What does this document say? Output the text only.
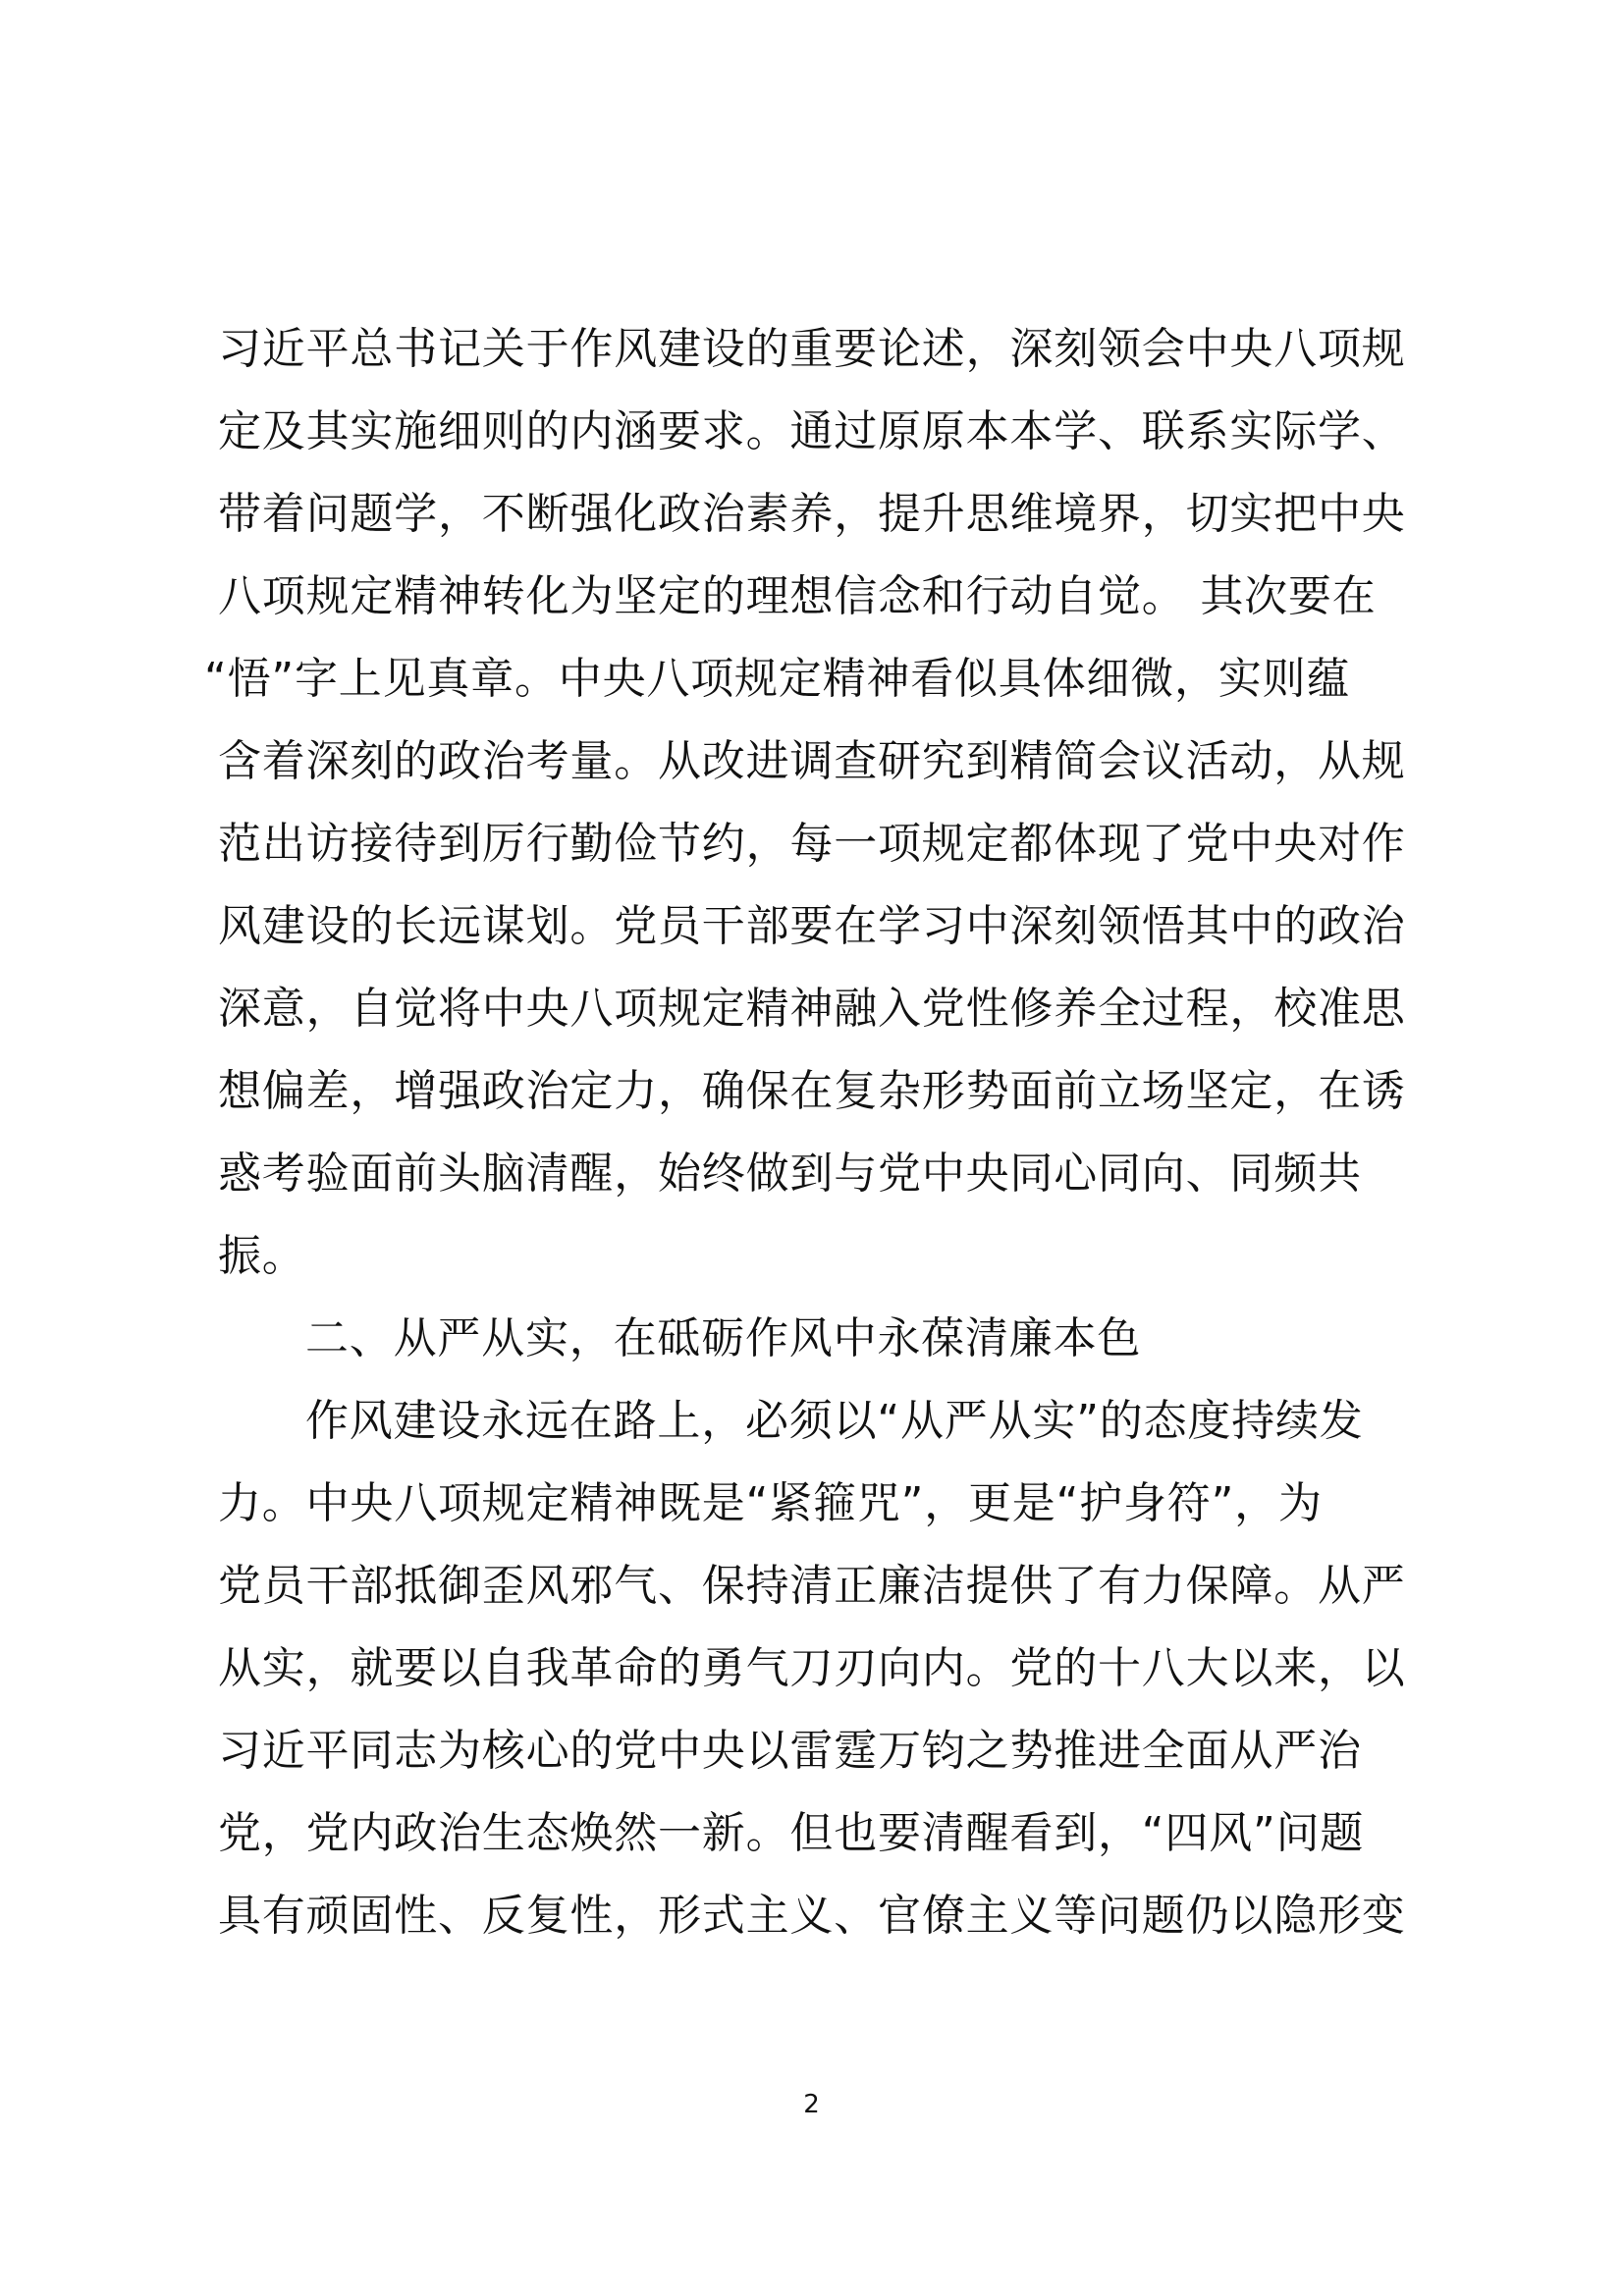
习近平总书记关于作风建设的重要论述，深刻领会中央八项规
定及其实施细则的内涵要求。通过原原本本学、联系实际学、
带着问题学，不断强化政治素养，提升思维境界，切实把中央
八项规定精神转化为坚定的理想信念和行动自觉。 其次要在
“悟”字上见真章。中央八项规定精神看似具体细微，实则蕴
含着深刻的政治考量。从改进调查研究到精简会议活动，从规
范出访接待到厉行勤俭节约，每一项规定都体现了党中央对作
风建设的长远谋划。党员干部要在学习中深刻领悟其中的政治
深意，自觉将中央八项规定精神融入党性修养全过程，校准思
想偏差，增强政治定力，确保在复杂形势面前立场坚定，在诱
惑考验面前头脑清醒，始终做到与党中央同心同向、同频共
振。
二、从严从实，在砥砺作风中永葆清廉本色
作风建设永远在路上，必须以“从严从实”的态度持续发
力。中央八项规定精神既是“紧箍咒”，更是“护身符”，为
党员干部抵御歪风邪气、保持清正廉洁提供了有力保障。从严
从实，就要以自我革命的勇气刀刃向内。党的十八大以来，以
习近平同志为核心的党中央以雷霆万钧之势推进全面从严治
党，党内政治生态焕然一新。但也要清醒看到，“四风”问题
具有顽固性、反复性，形式主义、官僚主义等问题仍以隐形变
2
